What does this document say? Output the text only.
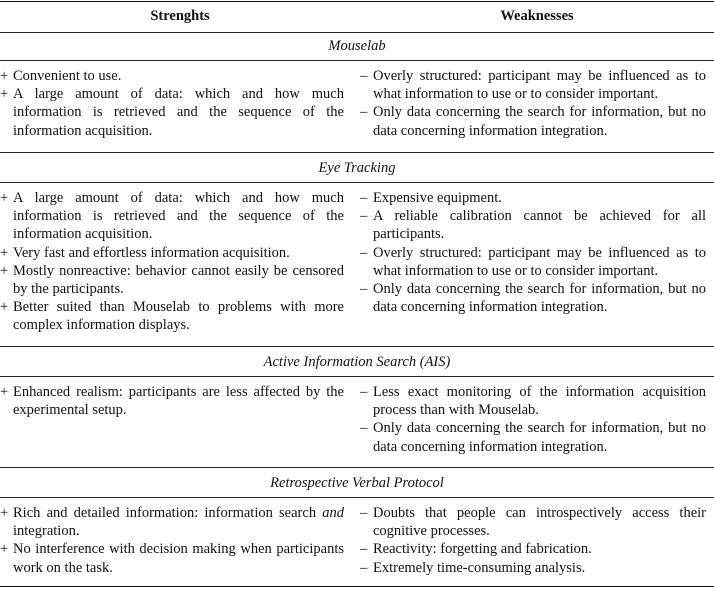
Strenghts	Weaknesses
Mouselab
+ Convenient to use.
+ A large amount of data: which and how much information is retrieved and the sequence of the information acquisition.
– Overly structured: participant may be influenced as to what information to use or to consider important.
– Only data concerning the search for information, but no data concerning information integration.
Eye Tracking
+ A large amount of data: which and how much information is retrieved and the sequence of the information acquisition.
+ Very fast and effortless information acquisition.
+ Mostly nonreactive: behavior cannot easily be censored by the participants.
+ Better suited than Mouselab to problems with more complex information displays.
– Expensive equipment.
– A reliable calibration cannot be achieved for all participants.
– Overly structured: participant may be influenced as to what information to use or to consider important.
– Only data concerning the search for information, but no data concerning information integration.
Active Information Search (AIS)
+ Enhanced realism: participants are less affected by the experimental setup.
– Less exact monitoring of the information acquisition process than with Mouselab.
– Only data concerning the search for information, but no data concerning information integration.
Retrospective Verbal Protocol
+ Rich and detailed information: information search and integration.
+ No interference with decision making when participants work on the task.
– Doubts that people can introspectively access their cognitive processes.
– Reactivity: forgetting and fabrication.
– Extremely time-consuming analysis.
